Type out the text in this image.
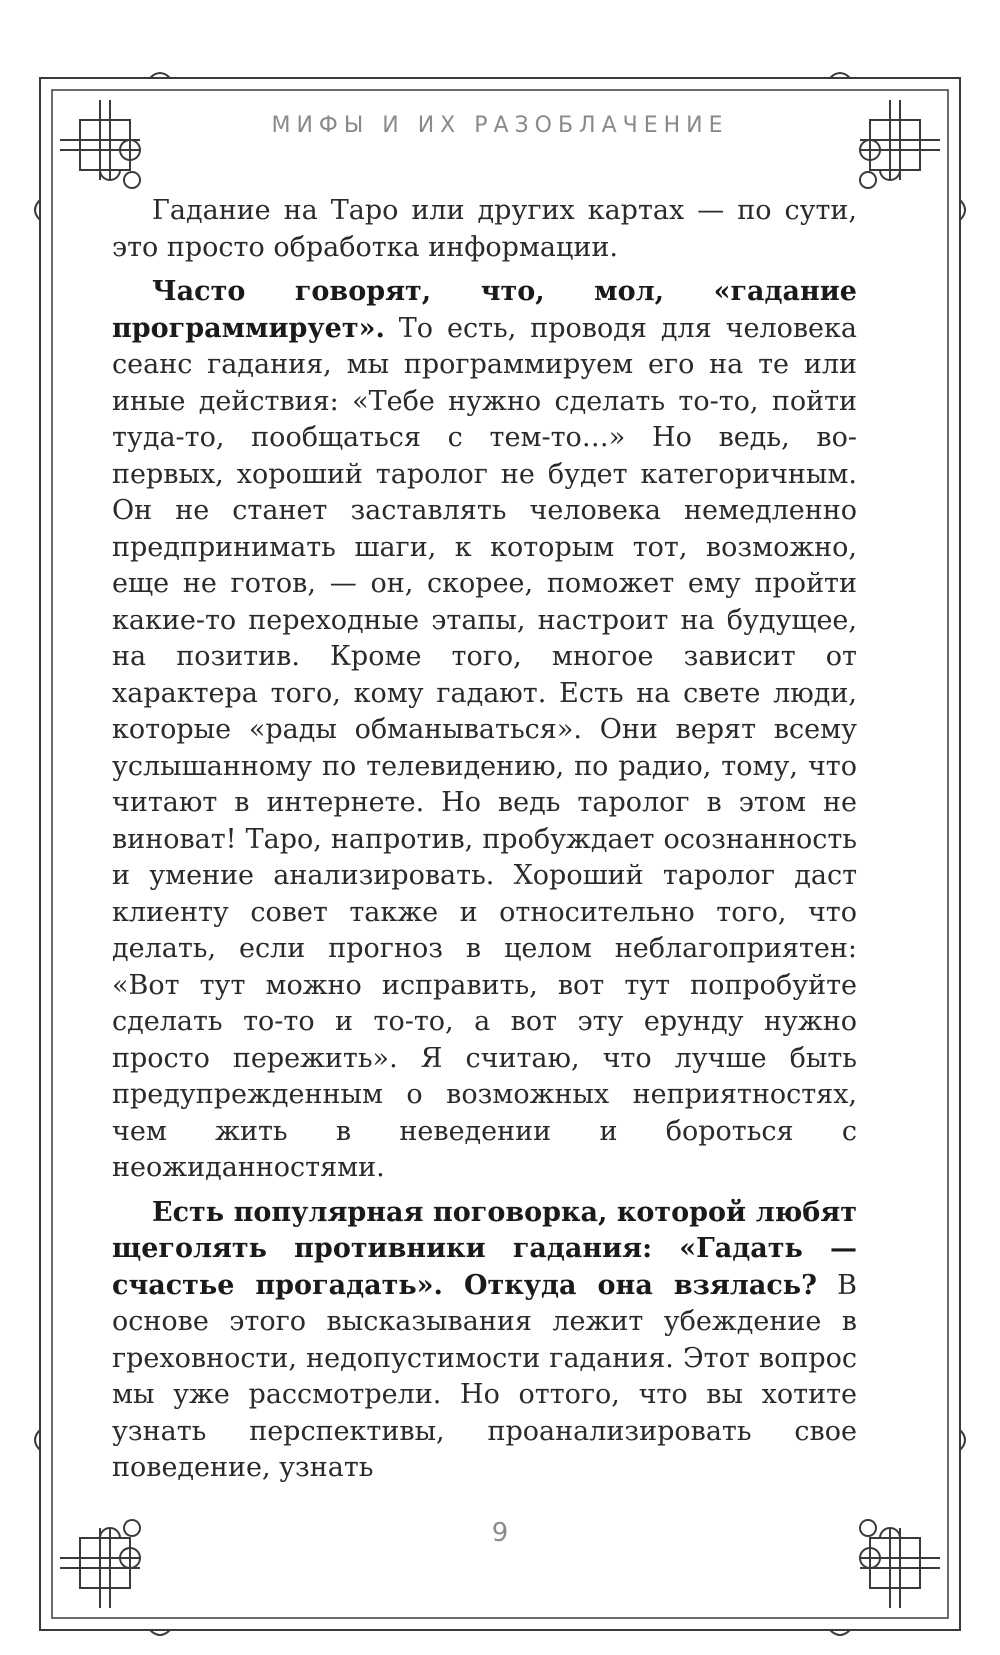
МИФЫ И ИХ РАЗОБЛАЧЕНИЕ

Гадание на Таро или других картах — по сути, это просто обработка информации.

Часто говорят, что, мол, «гадание программирует». То есть, проводя для человека сеанс гадания, мы программируем его на те или иные действия: «Тебе нужно сделать то-то, пойти туда-то, пообщаться с тем-то…» Но ведь, во-первых, хороший таролог не будет категоричным. Он не станет заставлять человека немедленно предпринимать шаги, к которым тот, возможно, еще не готов, — он, скорее, поможет ему пройти какие-то переходные этапы, настроит на будущее, на позитив. Кроме того, многое зависит от характера того, кому гадают. Есть на свете люди, которые «рады обманываться». Они верят всему услышанному по телевидению, по радио, тому, что читают в интернете. Но ведь таролог в этом не виноват! Таро, напротив, пробуждает осознанность и умение анализировать. Хороший таролог даст клиенту совет также и относительно того, что делать, если прогноз в целом неблагоприятен: «Вот тут можно исправить, вот тут попробуйте сделать то-то и то-то, а вот эту ерунду нужно просто пережить». Я считаю, что лучше быть предупрежденным о возможных неприятностях, чем жить в неведении и бороться с неожиданностями.

Есть популярная поговорка, которой любят щеголять противники гадания: «Гадать — счастье прогадать». Откуда она взялась? В основе этого высказывания лежит убеждение в греховности, недопустимости гадания. Этот вопрос мы уже рассмотрели. Но оттого, что вы хотите узнать перспективы, проанализировать свое поведение, узнать

9
